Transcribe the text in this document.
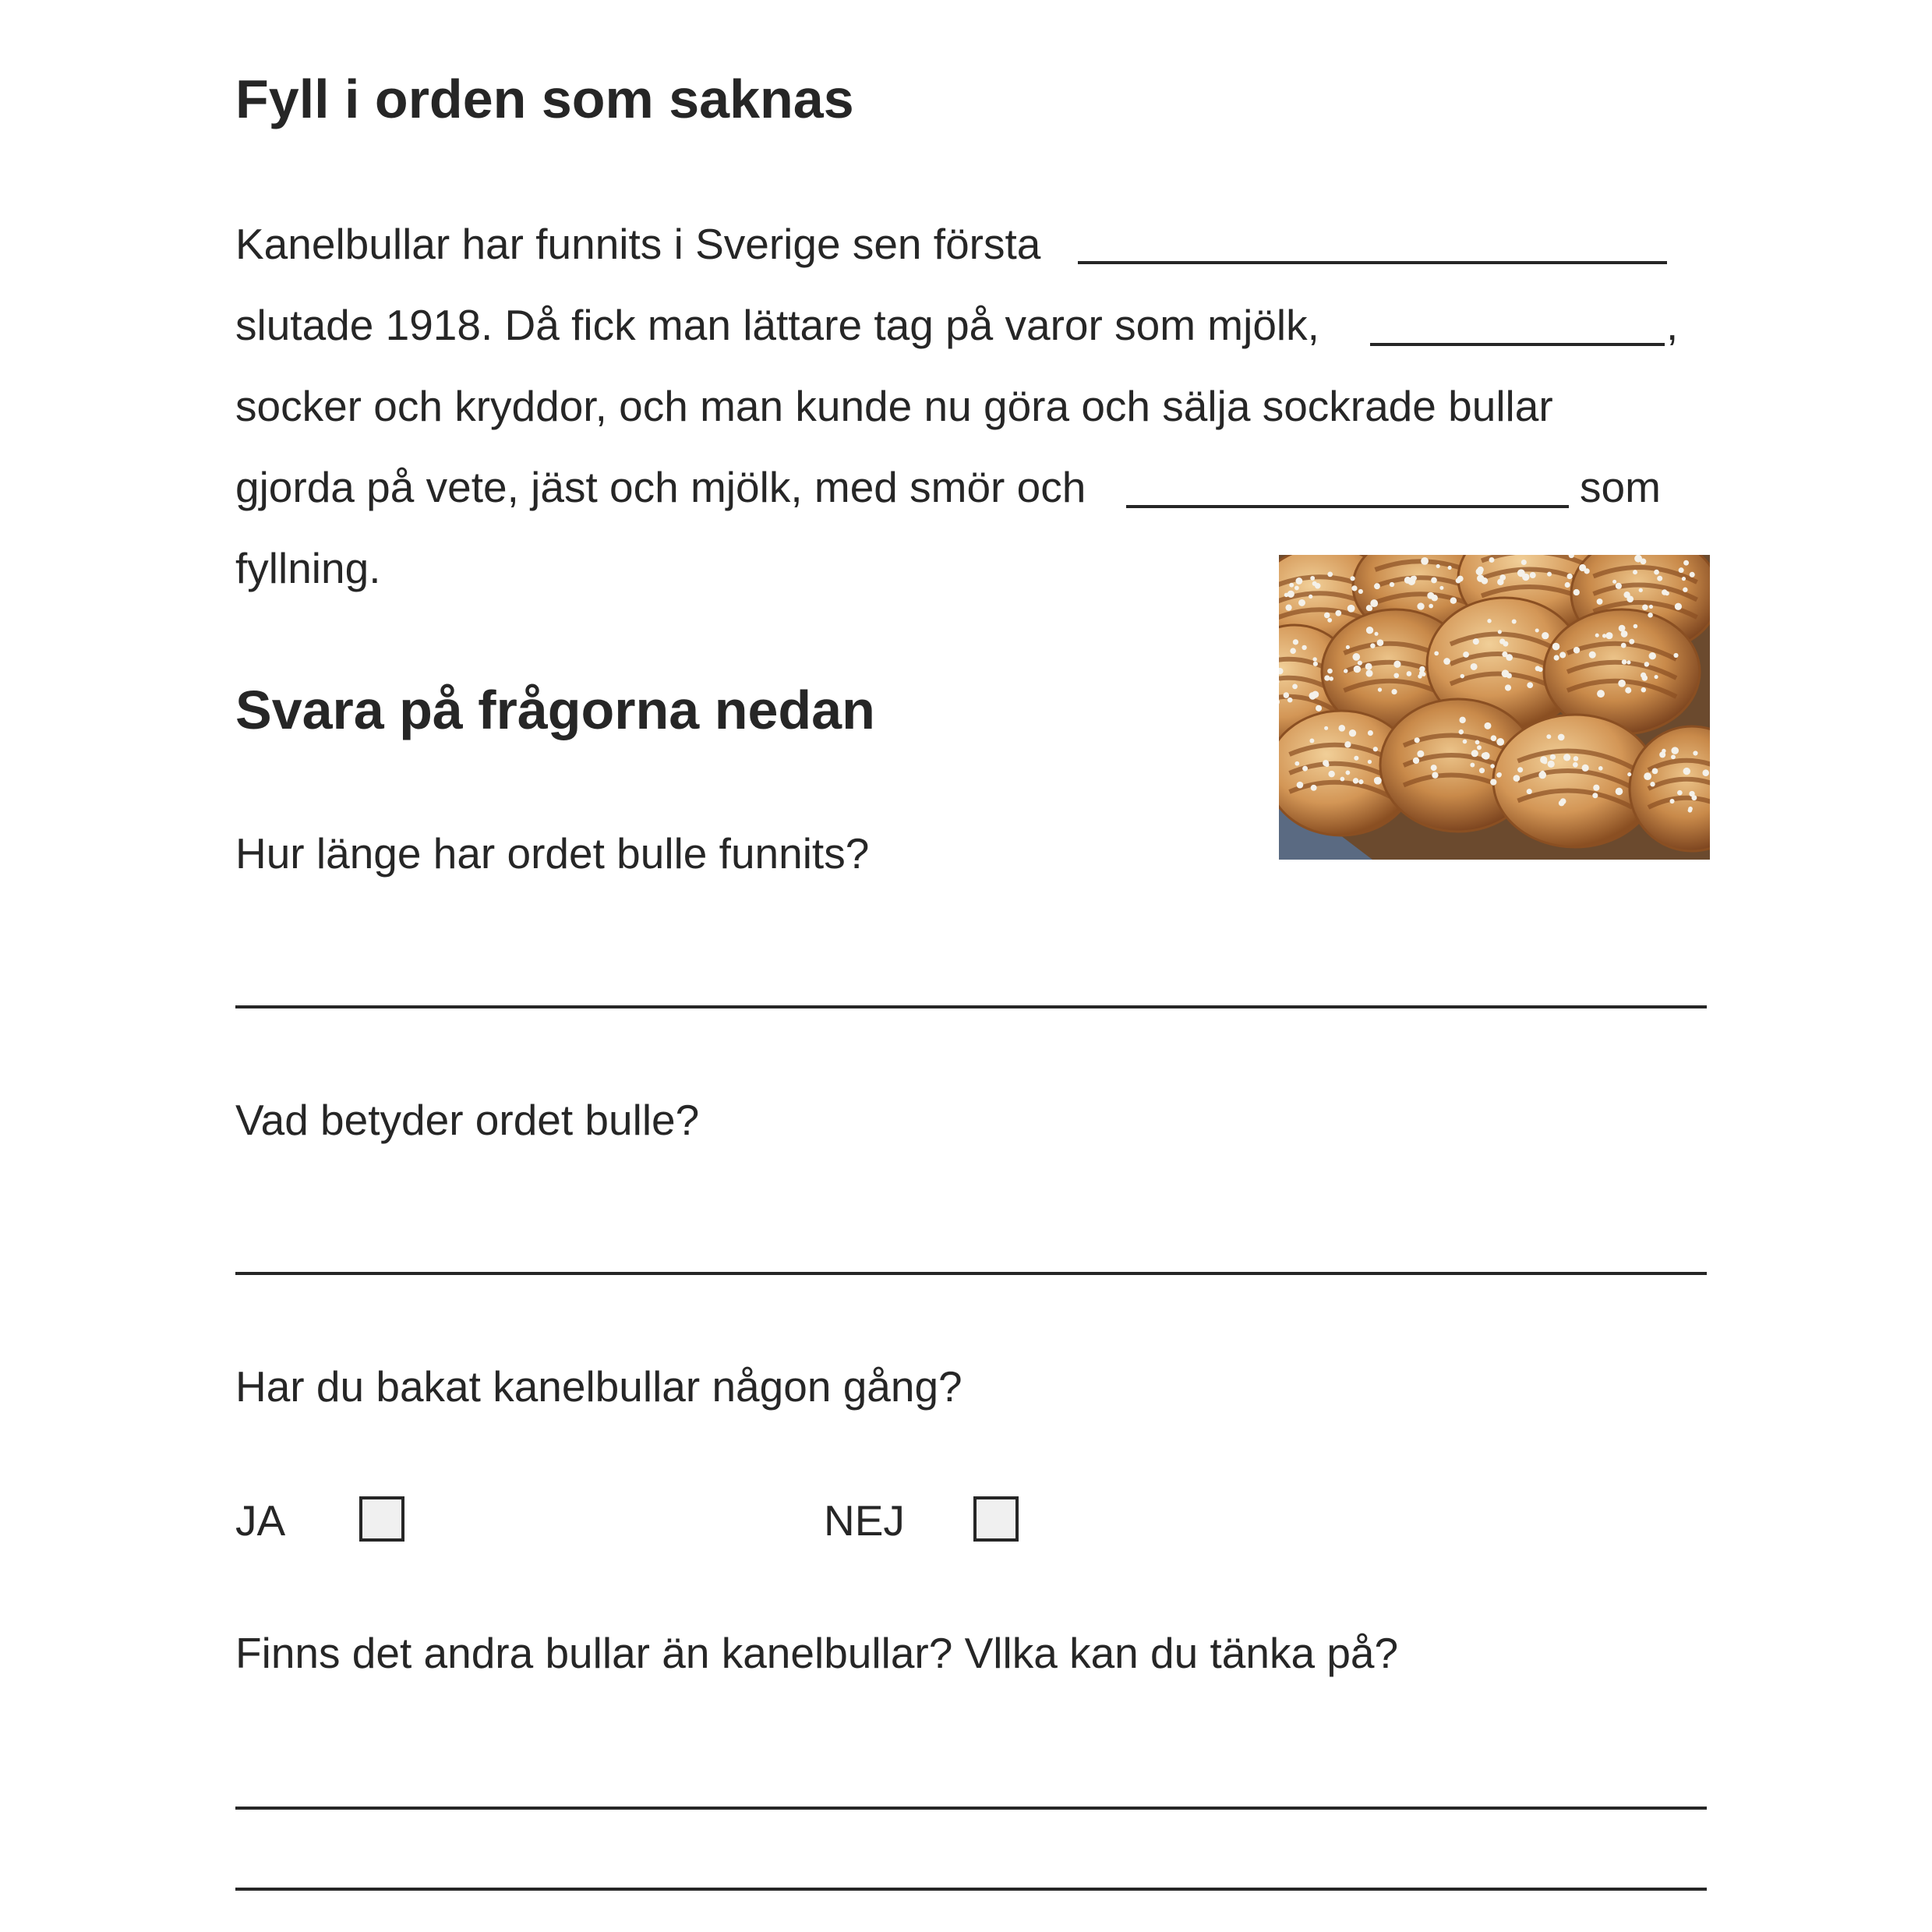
Fyll i orden som saknas
Kanelbullar har funnits i Sverige sen första
slutade 1918. Då fick man lättare tag på varor som mjölk,	,
socker och kryddor, och man kunde nu göra och sälja sockrade bullar
gjorda på vete, jäst och mjölk, med smör och	som
fyllning.
Svara på frågorna nedan
Hur länge har ordet bulle funnits?
Vad betyder ordet bulle?
Har du bakat kanelbullar någon gång?
JA	NEJ
Finns det andra bullar än kanelbullar? Vllka kan du tänka på?
